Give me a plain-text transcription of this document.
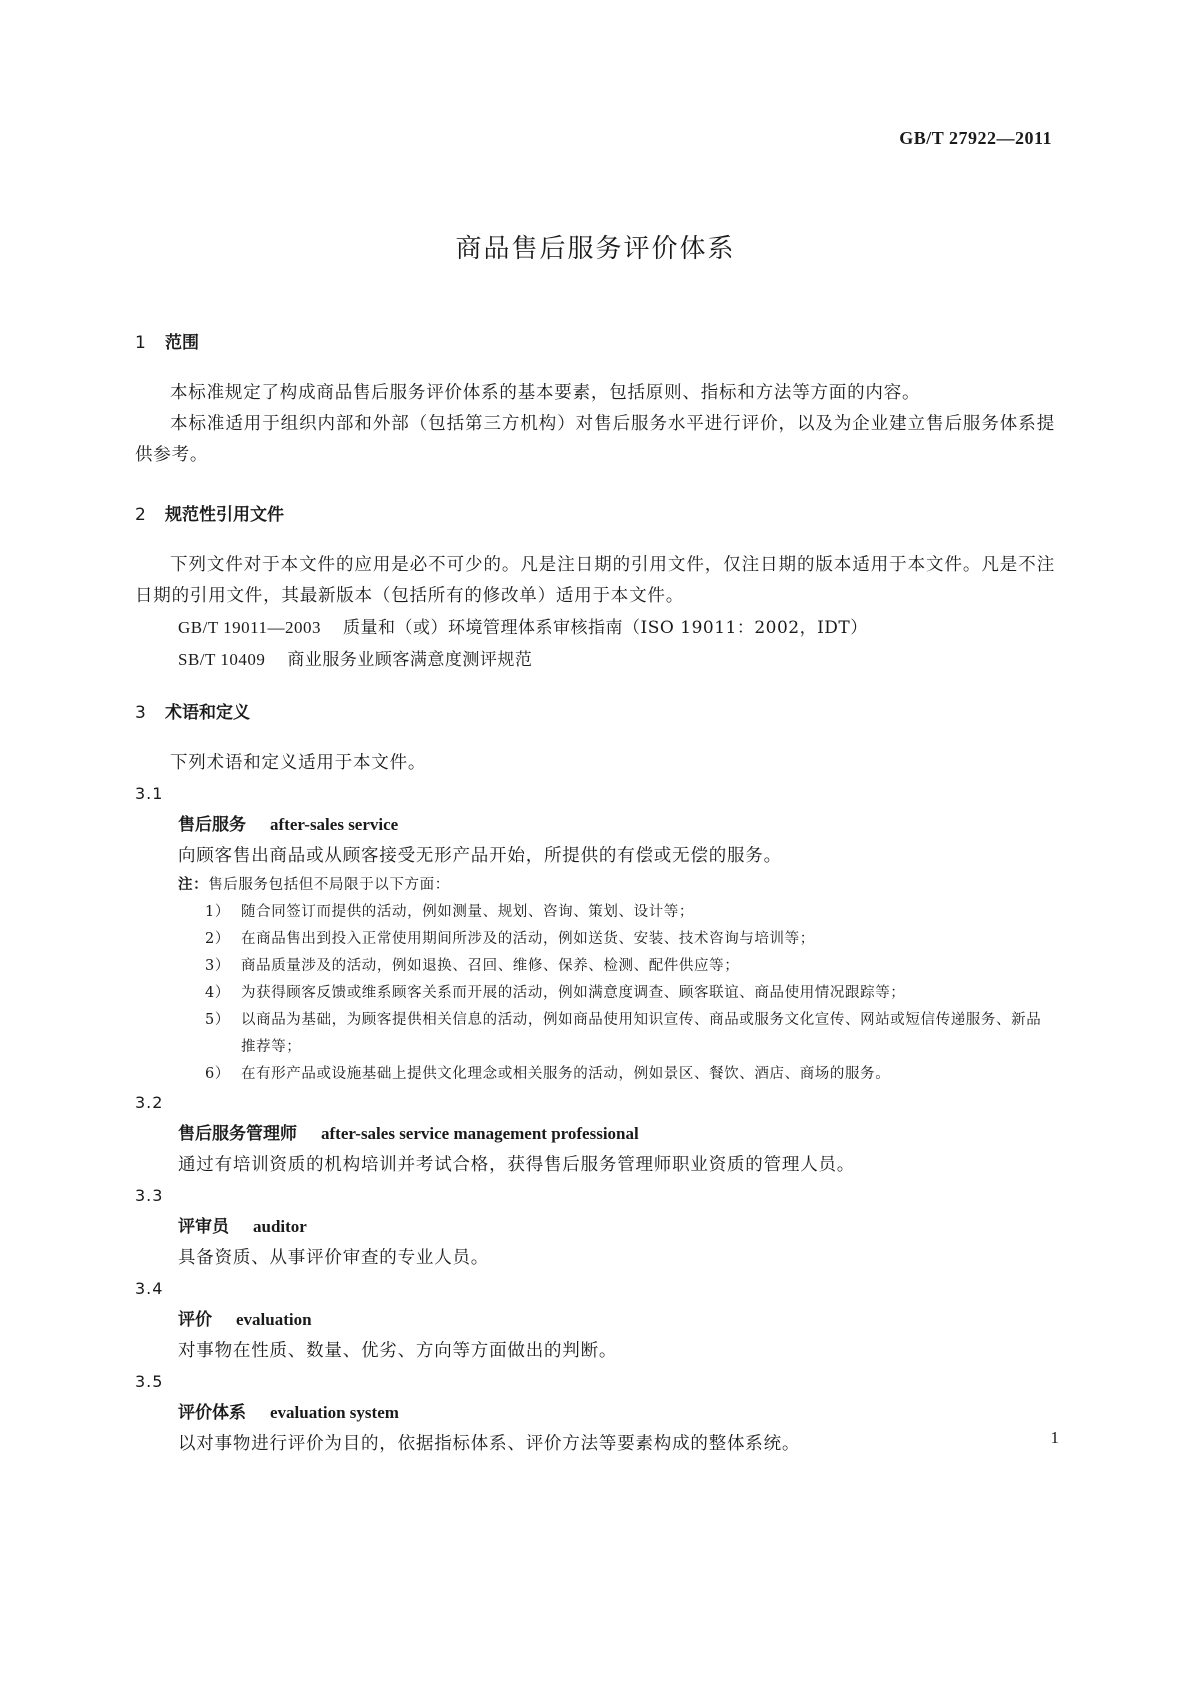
GB/T 27922—2011
商品售后服务评价体系
1 范围

本标准规定了构成商品售后服务评价体系的基本要素，包括原则、指标和方法等方面的内容。

本标准适用于组织内部和外部（包括第三方机构）对售后服务水平进行评价，以及为企业建立售后服务体系提供参考。

2 规范性引用文件

下列文件对于本文件的应用是必不可少的。凡是注日期的引用文件，仅注日期的版本适用于本文件。凡是不注日期的引用文件，其最新版本（包括所有的修改单）适用于本文件。

GB/T 19011—2003 质量和（或）环境管理体系审核指南（ISO 19011：2002，IDT）

SB/T 10409 商业服务业顾客满意度测评规范

3 术语和定义

下列术语和定义适用于本文件。

3.1

售后服务 after-sales service

向顾客售出商品或从顾客接受无形产品开始，所提供的有偿或无偿的服务。

注：售后服务包括但不局限于以下方面：

1） 随合同签订而提供的活动，例如测量、规划、咨询、策划、设计等；
2） 在商品售出到投入正常使用期间所涉及的活动，例如送货、安装、技术咨询与培训等；
3） 商品质量涉及的活动，例如退换、召回、维修、保养、检测、配件供应等；
4） 为获得顾客反馈或维系顾客关系而开展的活动，例如满意度调查、顾客联谊、商品使用情况跟踪等；
5） 以商品为基础，为顾客提供相关信息的活动，例如商品使用知识宣传、商品或服务文化宣传、网站或短信传递服务、新品推荐等；
6） 在有形产品或设施基础上提供文化理念或相关服务的活动，例如景区、餐饮、酒店、商场的服务。

3.2

售后服务管理师 after-sales service management professional

通过有培训资质的机构培训并考试合格，获得售后服务管理师职业资质的管理人员。

3.3

评审员 auditor

具备资质、从事评价审查的专业人员。

3.4

评价 evaluation

对事物在性质、数量、优劣、方向等方面做出的判断。

3.5

评价体系 evaluation system

以对事物进行评价为目的，依据指标体系、评价方法等要素构成的整体系统。	1
